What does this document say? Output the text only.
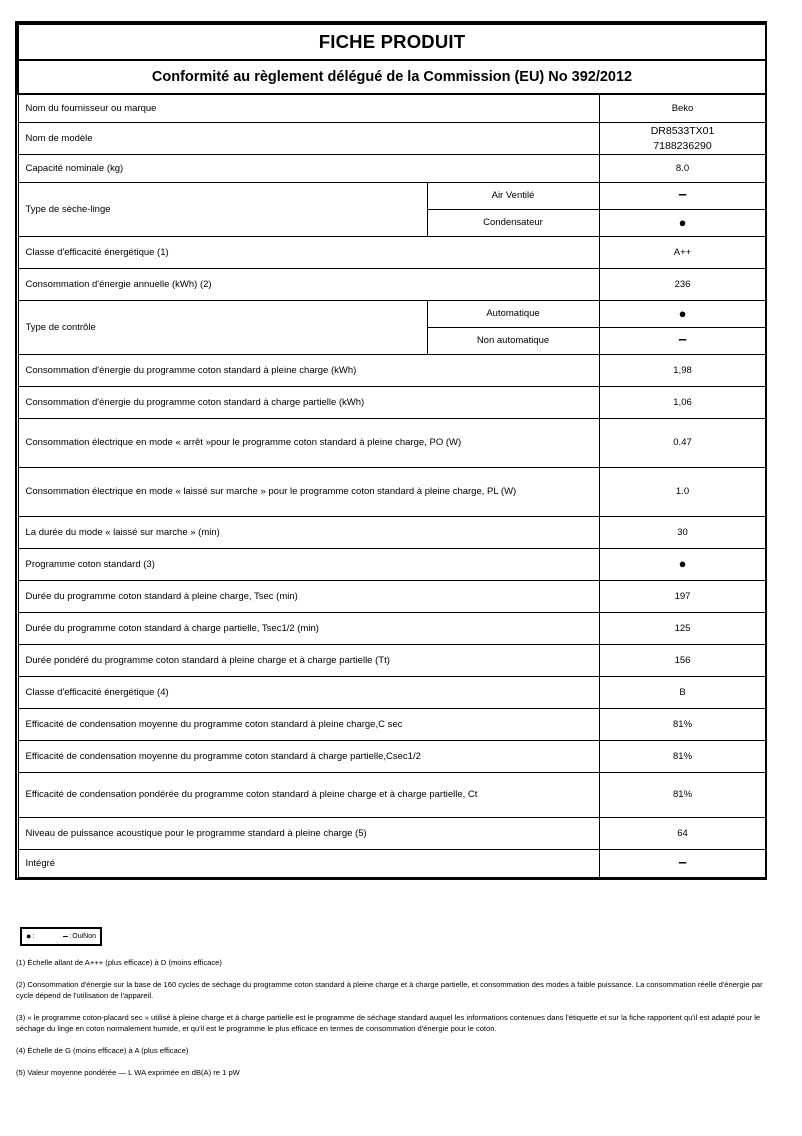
FICHE PRODUIT		
Conformité au règlement délégué de la Commission (EU) No 392/2012		
Nom du fournisseur ou marque		Beko
Nom de modèle		DR8533TX01
7188236290

Capacité nominale (kg)		8.0
Type de sèche-linge	Air Ventilé	–
	Condensateur	●
Classe d'efficacité énergétique (1)		A++
Consommation d'énergie annuelle (kWh) (2)		236
Type de contrôle	Automatique	●
	Non automatique	–
Consommation d'énergie du programme coton standard à pleine charge (kWh)		1,98
Consommation d'énergie du programme coton standard à charge partielle (kWh)		1,06
Consommation électrique en mode « arrêt »pour le programme coton standard à pleine charge, PO (W)		0.47
Consommation électrique en mode « laissé sur marche » pour le programme coton standard à pleine charge, PL (W)		1.0
La durée du mode « laissé sur marche » (min)		30
Programme coton standard (3)		●
Durée du programme coton standard à pleine charge, Tsec (min)		197
Durée du programme coton standard à charge partielle, Tsec1/2 (min)		125
Durée pondéré du programme coton standard à pleine charge et à charge partielle (Tt)		156
Classe d'efficacité énergétique (4)		B
Efficacité de condensation moyenne du programme coton standard à pleine charge,C sec		81%
Efficacité de condensation moyenne du programme coton standard à charge partielle,Csec1/2		81%
Efficacité de condensation pondérée du programme coton standard à pleine charge et à charge partielle, Ct		81%
Niveau de puissance acoustique pour le programme standard à pleine charge (5)		64
Intégré		–
● :	– : Oui Non
(1) Échelle allant de A+++ (plus efficace) à D (moins efficace)
(2) Consommation d'énergie sur la base de 160 cycles de séchage du programme coton standard à pleine charge et à charge partielle, et consommation des modes à faible puissance. La consommation réelle d'énergie par cycle dépend de l'utilisation de l'appareil.
(3) « le programme coton-placard sec » utilisé à pleine charge et à charge partielle est le programme de séchage standard auquel les informations contenues dans l'étiquette et sur la fiche rapportent qu'il est adapté pour le séchage du linge en coton normalement humide, et qu'il est le programme le plus efficace en termes de consommation d'énergie pour le coton.
(4) Échelle de G (moins efficace) à A (plus efficace)
(5) Valeur moyenne pondérée — L WA exprimée en dB(A) re 1 pW
